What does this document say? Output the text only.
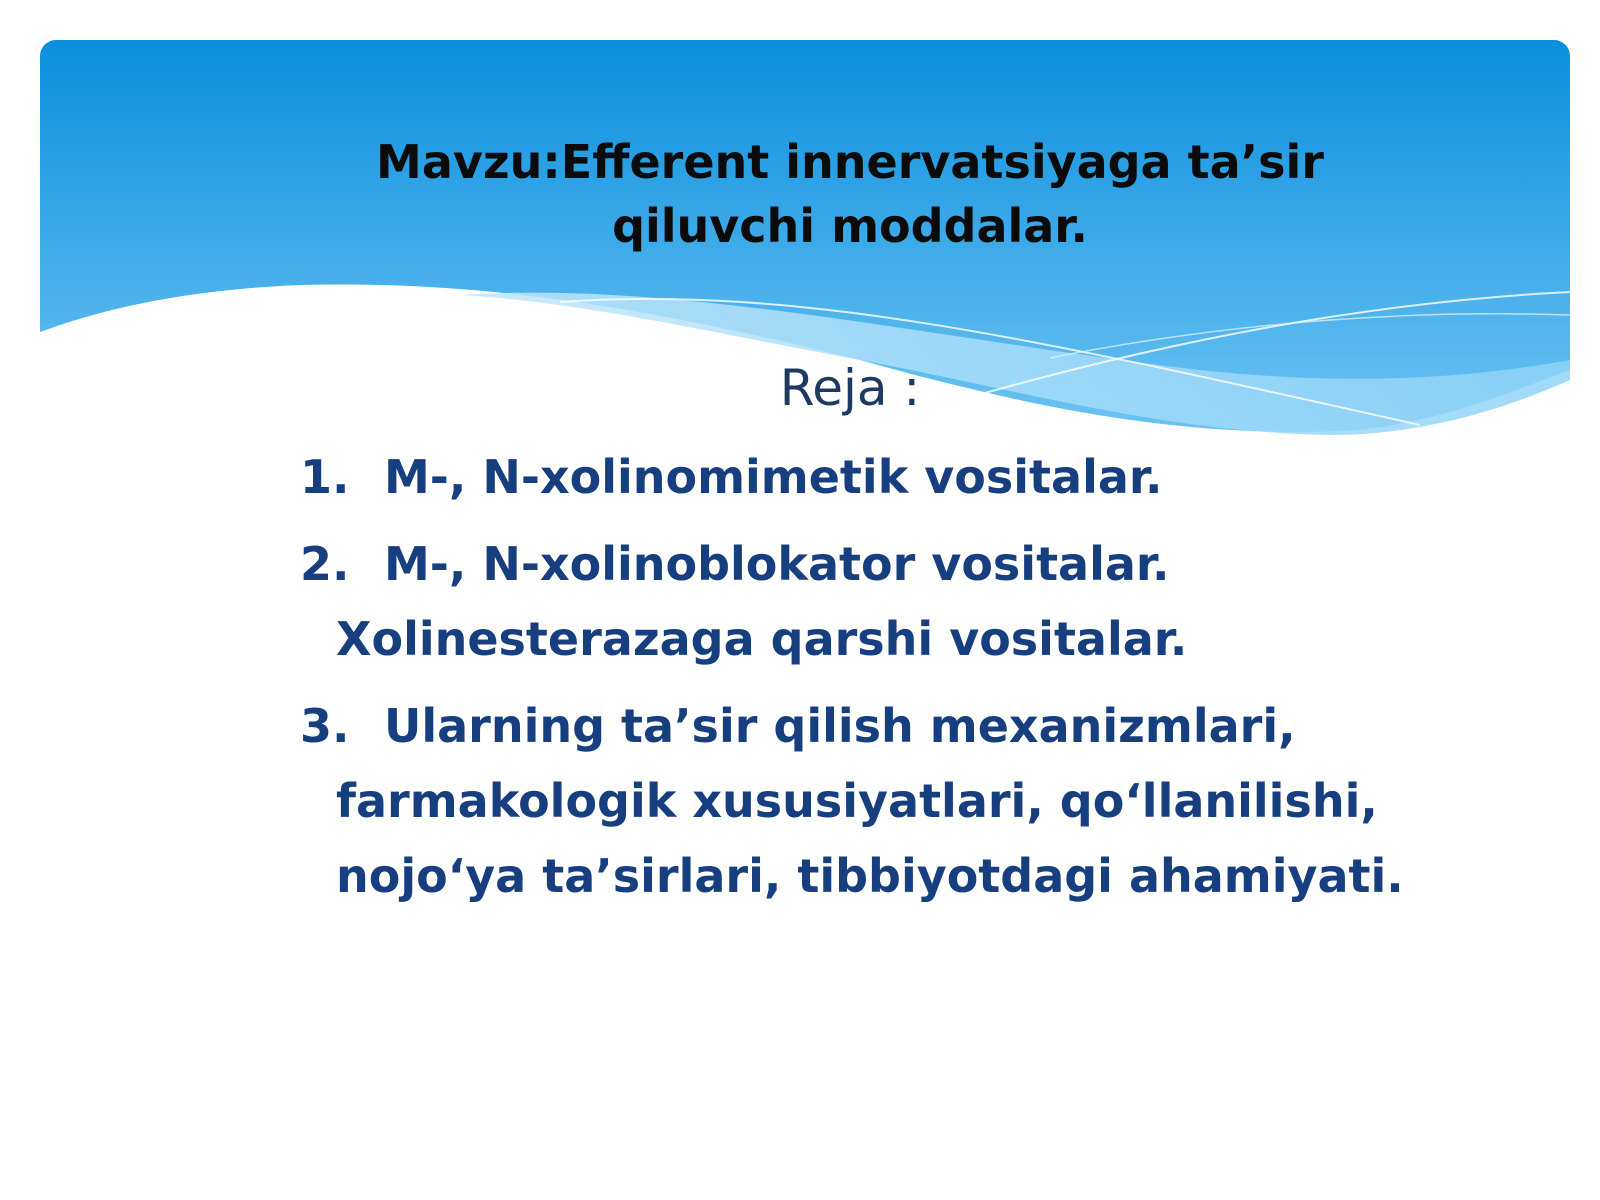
Mavzu:Efferent innervatsiyaga ta’sir qiluvchi moddalar.
Reja :
1. M-, N-xolinomimetik vositalar.
2. M-, N-xolinoblokator vositalar.
Xolinesterazaga qarshi vositalar.
3. Ularning ta’sir qilish mexanizmlari,
farmakologik xususiyatlari, qo‘llanilishi, nojo‘ya ta’sirlari, tibbiyotdagi ahamiyati.
